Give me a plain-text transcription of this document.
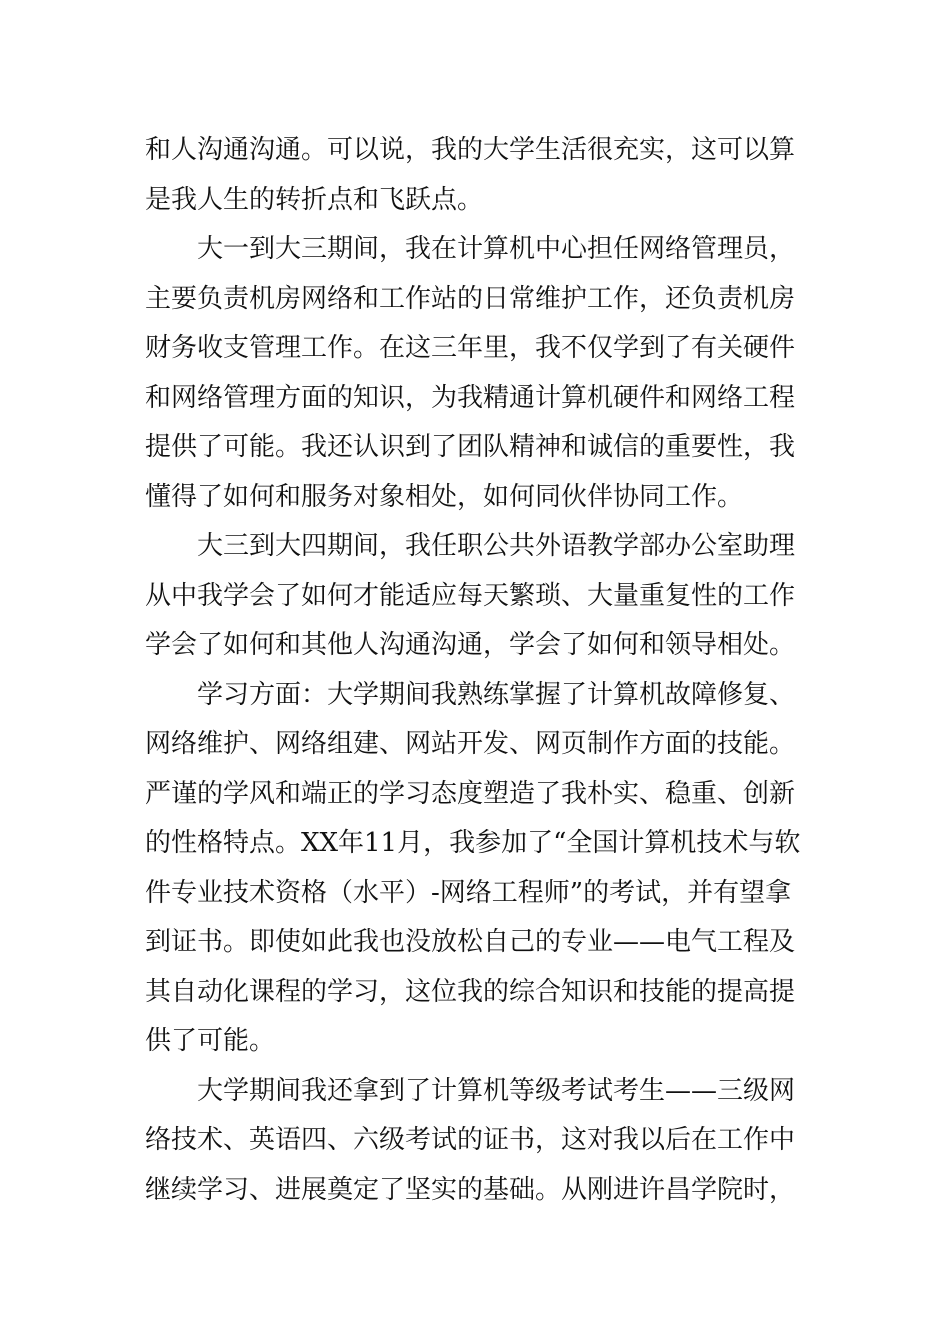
和人沟通沟通。可以说，我的大学生活很充实，这可以算
是我人生的转折点和飞跃点。
大一到大三期间，我在计算机中心担任网络管理员，
主要负责机房网络和工作站的日常维护工作，还负责机房
财务收支管理工作。在这三年里，我不仅学到了有关硬件
和网络管理方面的知识，为我精通计算机硬件和网络工程
提供了可能。我还认识到了团队精神和诚信的重要性，我
懂得了如何和服务对象相处，如何同伙伴协同工作。
大三到大四期间，我任职公共外语教学部办公室助理
从中我学会了如何才能适应每天繁琐、大量重复性的工作
学会了如何和其他人沟通沟通，学会了如何和领导相处。
学习方面：大学期间我熟练掌握了计算机故障修复、
网络维护、网络组建、网站开发、网页制作方面的技能。
严谨的学风和端正的学习态度塑造了我朴实、稳重、创新
的性格特点。XX年11月，我参加了“全国计算机技术与软
件专业技术资格（水平）-网络工程师”的考试，并有望拿
到证书。即使如此我也没放松自己的专业——电气工程及
其自动化课程的学习，这位我的综合知识和技能的提高提
供了可能。
大学期间我还拿到了计算机等级考试考生——三级网
络技术、英语四、六级考试的证书，这对我以后在工作中
继续学习、进展奠定了坚实的基础。从刚进许昌学院时，
